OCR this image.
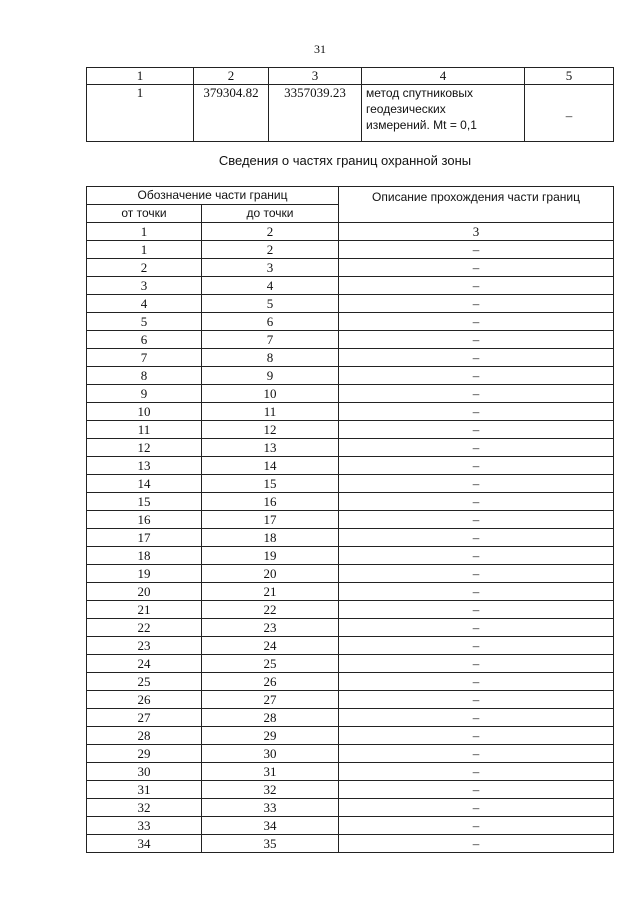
31
1	2	3	4	5
1	379304.82	3357039.23	метод спутниковых
геодезических
измерений. Mt = 0,1	–
Сведения о частях границ охранной зоны
Обозначение части границ		Описание прохождения части границ
от точки	до точки	
1	2	3
1	2	–
2	3	–
3	4	–
4	5	–
5	6	–
6	7	–
7	8	–
8	9	–
9	10	–
10	11	–
11	12	–
12	13	–
13	14	–
14	15	–
15	16	–
16	17	–
17	18	–
18	19	–
19	20	–
20	21	–
21	22	–
22	23	–
23	24	–
24	25	–
25	26	–
26	27	–
27	28	–
28	29	–
29	30	–
30	31	–
31	32	–
32	33	–
33	34	–
34	35	–
